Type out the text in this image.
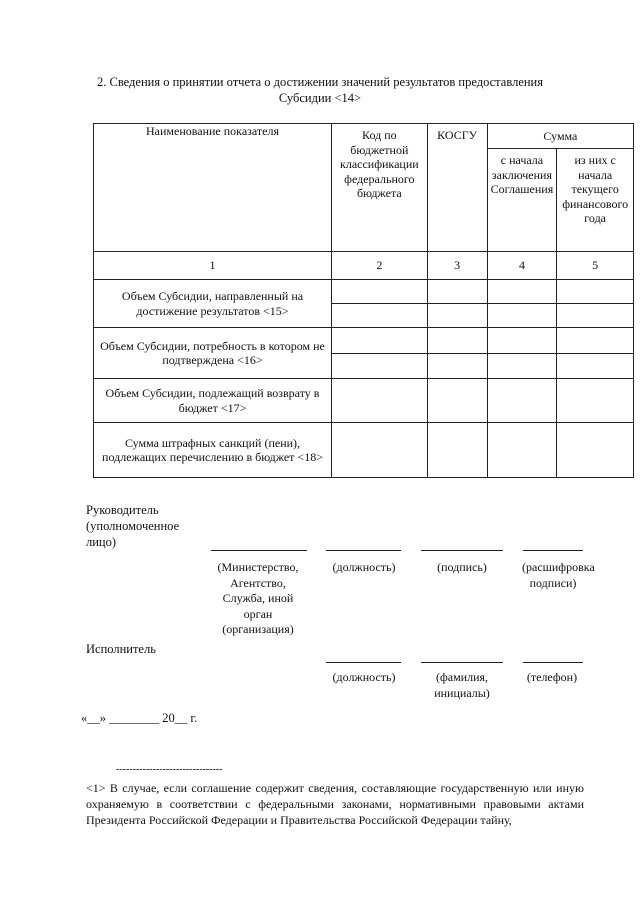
2. Сведения о принятии отчета о достижении значений результатов предоставления
Субсидии <14>
Наименование показателя	Код по бюджетной классификации федерального бюджета	КОСГУ	Сумма	
			с начала заключения Соглашения	из них с начала текущего финансового года
1	2	3	4	5
Объем Субсидии, направленный на достижение результатов <15>				

Объем Субсидии, потребность в котором не подтверждена <16>				

Объем Субсидии, подлежащий возврату в бюджет <17>				
Сумма штрафных санкций (пени), подлежащих перечислению в бюджет <18>				
Руководитель (уполномоченное лицо)
(Министерство, Агентство, Служба, иной орган (организация)
(должность)	(подпись)	(расшифровка подписи)
Исполнитель
(должность)	(фамилия, инициалы)
(телефон)
«__» ________ 20__ г.
--------------------------------
<1> В случае, если соглашение содержит сведения, составляющие государственную или иную охраняемую в соответствии с федеральными законами, нормативными правовыми актами Президента Российской Федерации и Правительства Российской Федерации тайну,
